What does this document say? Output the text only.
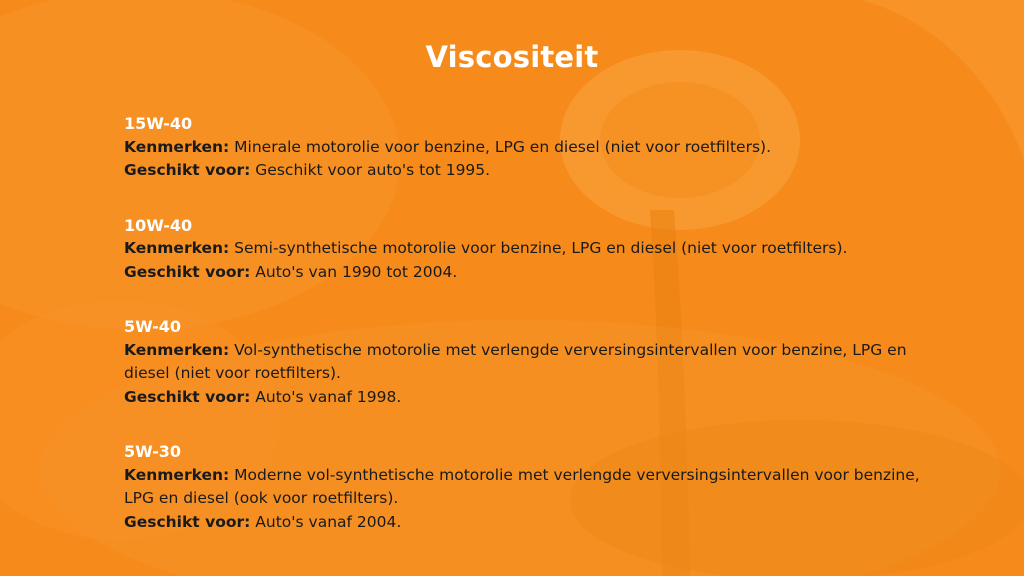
Viscositeit

15W-40
Kenmerken: Minerale motorolie voor benzine, LPG en diesel (niet voor roetfilters).
Geschikt voor: Geschikt voor auto's tot 1995.

10W-40
Kenmerken: Semi-synthetische motorolie voor benzine, LPG en diesel (niet voor roetfilters).
Geschikt voor: Auto's van 1990 tot 2004.

5W-40
Kenmerken: Vol-synthetische motorolie met verlengde verversingsintervallen voor benzine, LPG en diesel (niet voor roetfilters).
Geschikt voor: Auto's vanaf 1998.

5W-30
Kenmerken: Moderne vol-synthetische motorolie met verlengde verversingsintervallen voor benzine, LPG en diesel (ook voor roetfilters).
Geschikt voor: Auto's vanaf 2004.
